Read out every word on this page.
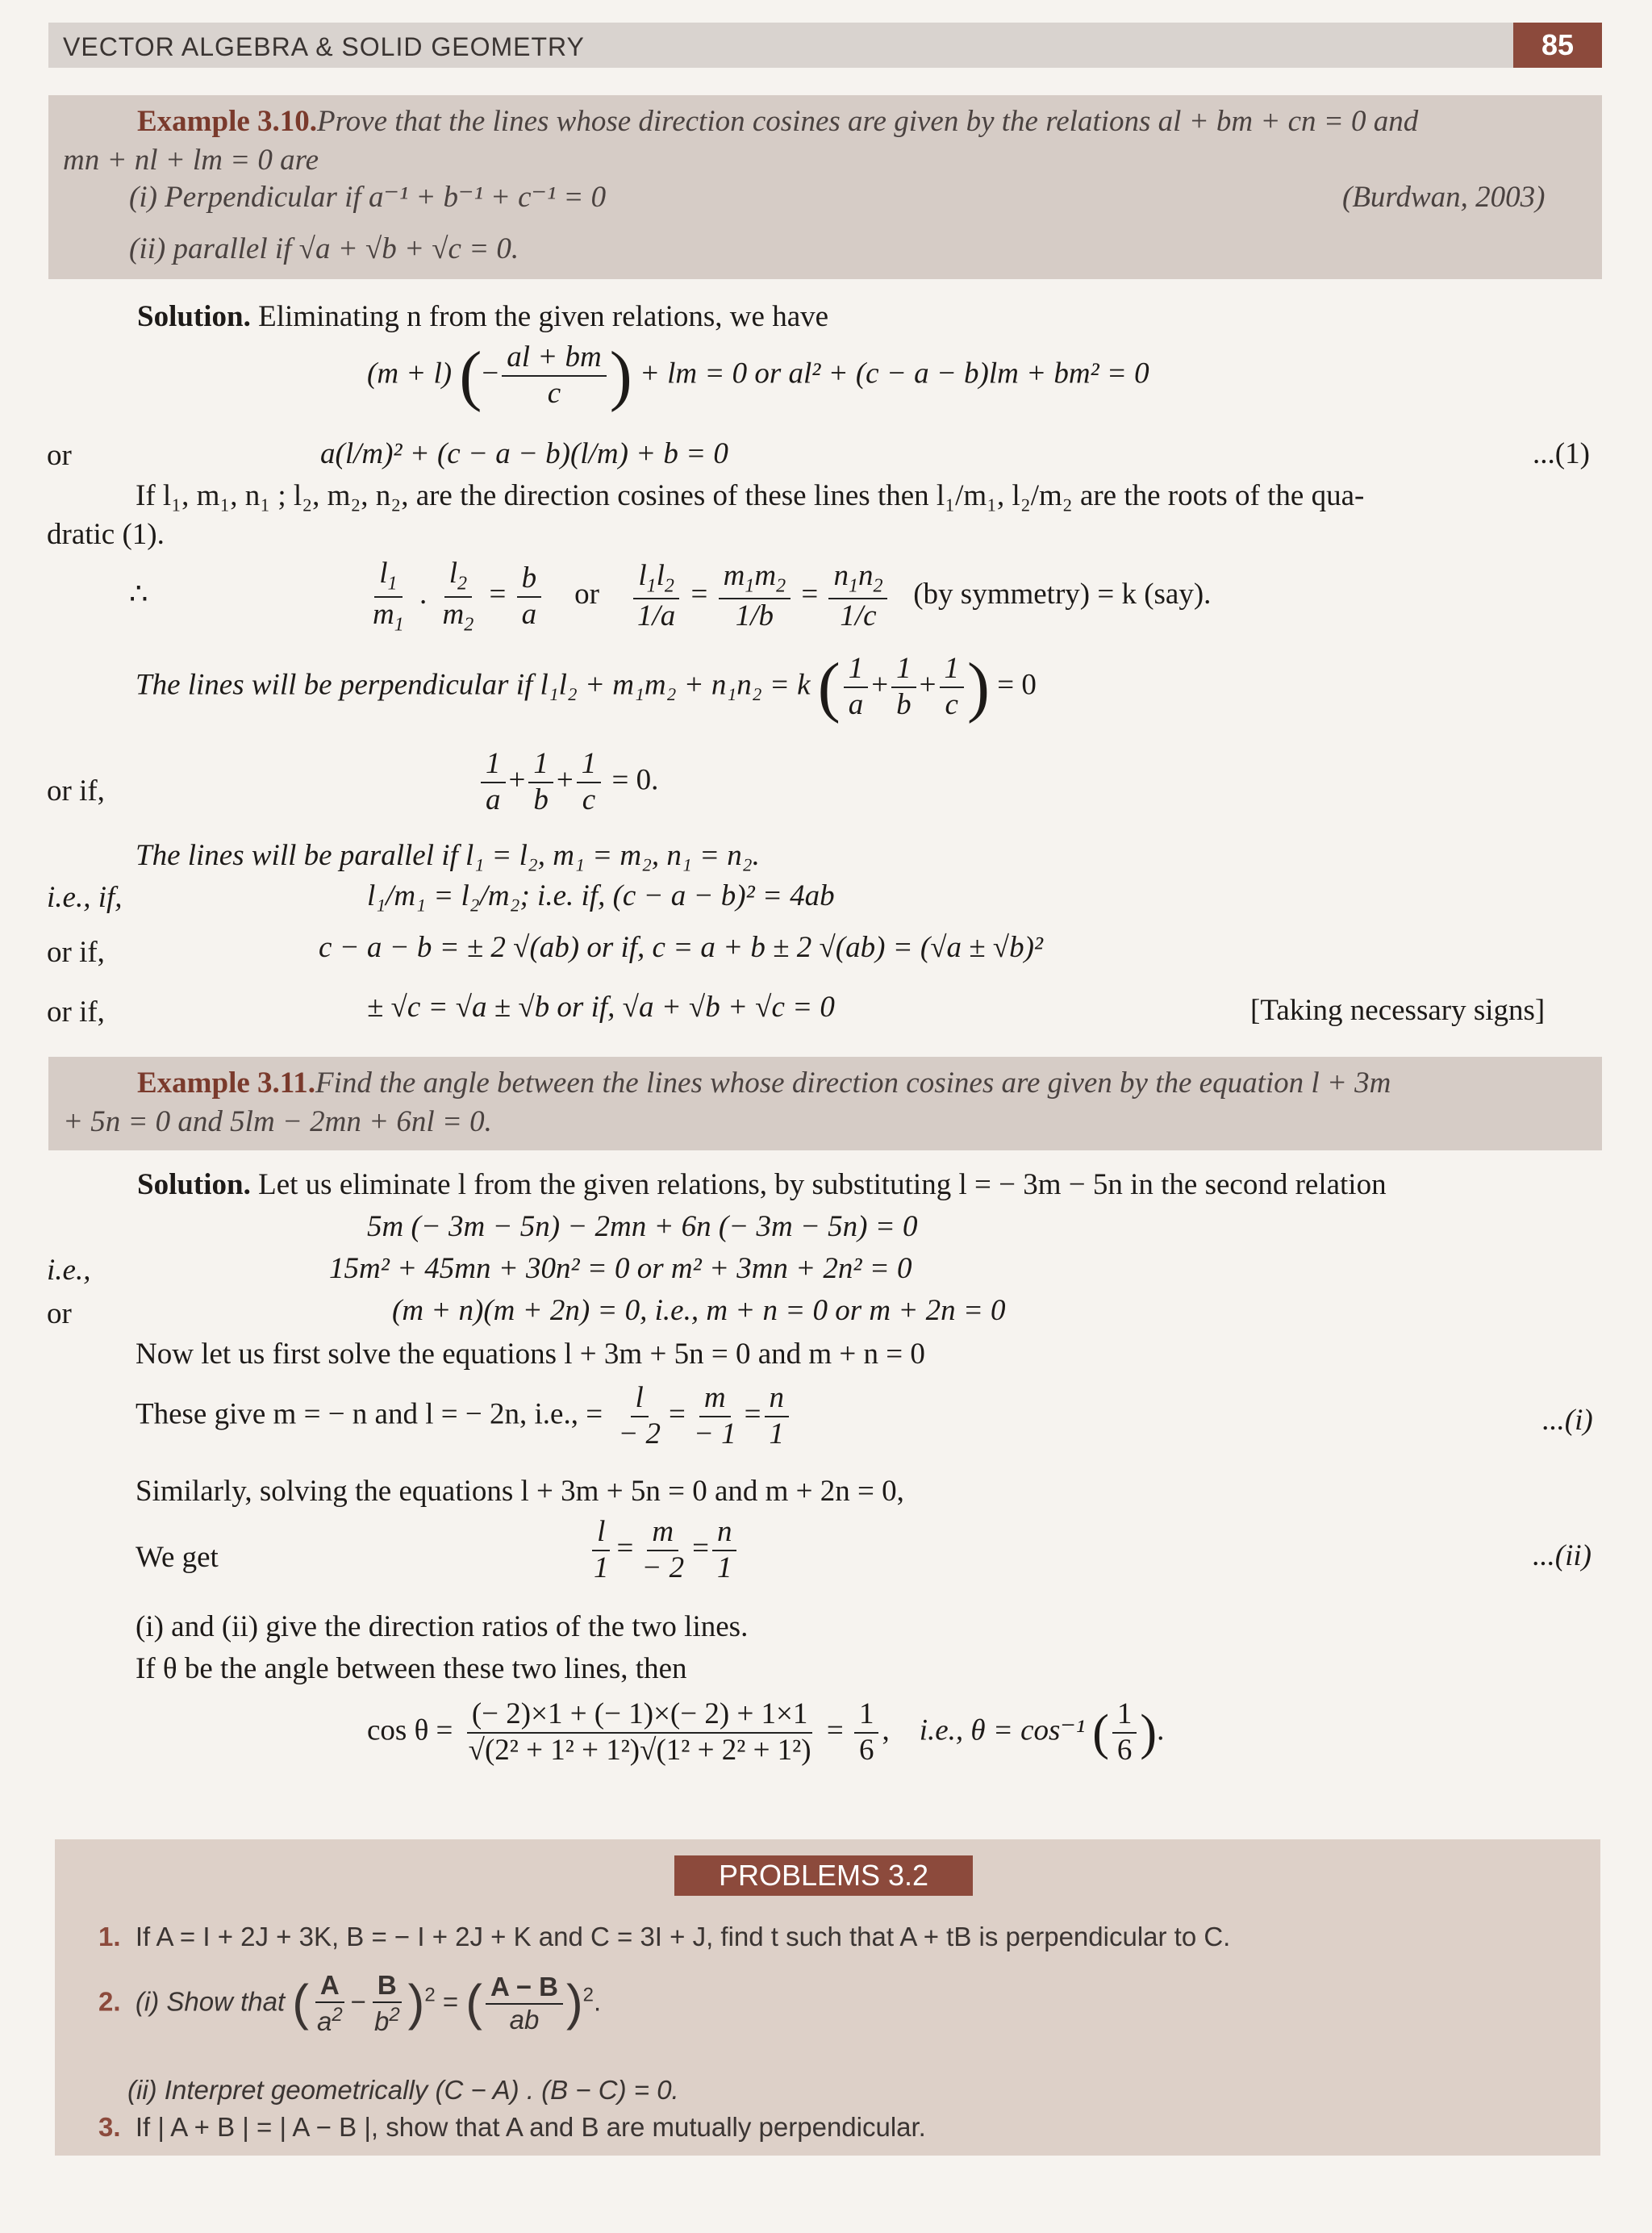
VECTOR ALGEBRA & SOLID GEOMETRY	85
Example 3.10.Prove that the lines whose direction cosines are given by the relations al + bm + cn = 0 and
mn + nl + lm = 0 are
(i) Perpendicular if a⁻¹ + b⁻¹ + c⁻¹ = 0	(Burdwan, 2003)
(ii) parallel if √a + √b + √c = 0.
Solution. Eliminating n from the given relations, we have
(m + l) (− $\frac{al + bm}{c}$ ) + lm = 0 or al² + (c − a − b)lm + bm² = 0
or	a(l/m)² + (c − a − b)(l/m) + b = 0	...(1)
If l₁, m₁, n₁ ; l₂, m₂, n₂, are the direction cosines of these lines then l₁/m₁, l₂/m₂ are the roots of the qua-
dratic (1).
∴	$\frac{l_1}{m_1}$ . $\frac{l_2}{m_2} = \frac{b}{a}$ or $\frac{l_1l_2}{1/a} = \frac{m_1m_2}{1/b} = \frac{n_1n_2}{1/c} (by$ symmetry) = k (say).
The lines will be perpendicular if l₁l₂ + m₁m₂ + n₁n₂ = k ( $\frac{1}{a} + \frac{1}{b} + \frac{1}{c}$ ) = 0
or if,	$\frac{1}{a} + \frac{1}{b} + \frac{1}{c} = 0$.
The lines will be parallel if l₁ = l₂, m₁ = m₂, n₁ = n₂.
i.e., if,	l₁/m₁ = l₂/m₂; i.e. if, (c − a − b)² = 4ab
or if,	c − a − b = ± 2 √(ab) or if, c = a + b ± 2 √(ab) = (√a ± √b)²
or if,	± √c = √a ± √b or if, √a + √b + √c = 0	[Taking necessary signs]
Example 3.11.Find the angle between the lines whose direction cosines are given by the equation l + 3m
+ 5n = 0 and 5lm − 2mn + 6nl = 0.
Solution. Let us eliminate l from the given relations, by substituting l = − 3m − 5n in the second relation
5m (− 3m − 5n) − 2mn + 6n (− 3m − 5n) = 0
i.e.,	15m² + 45mn + 30n² = 0 or m² + 3mn + 2n² = 0
or	(m + n)(m + 2n) = 0, i.e., m + n = 0 or m + 2n = 0
Now let us first solve the equations l + 3m + 5n = 0 and m + n = 0
These give m = − n and l = − 2n, i.e., = $\frac{l}{- 2} = \frac{m}{- 1} = \frac{n}{1}$	...(i)
Similarly, solving the equations l + 3m + 5n = 0 and m + 2n = 0,
We get	$\frac{l}{1} = \frac{m}{- 2} = \frac{n}{1}$	...(ii)
(i) and (ii) give the direction ratios of the two lines.
If θ be the angle between these two lines, then
$\cos \theta = \frac{(- 2)\times 1 + (- 1)\times(- 2) + 1\times 1}{\text{√(2² + 1² + 1²)√(1² + 2² + 1²)}} = \frac{1}{6}$ ,    i.e., θ = cos⁻¹ ( $\frac{1}{6}$ ).
PROBLEMS 3.2
1. If A = I + 2J + 3K, B = − I + 2J + K and C = 3I + J, find t such that A + tB is perpendicular to C.
2. (i) Show that ( $\frac{A}{a^2} - \frac{B}{b^2} )^2$ = ( $\frac{A - B}{ab} )^2$.
(ii) Interpret geometrically (C − A) . (B − C) = 0.
3. If | A + B | = | A − B |, show that A and B are mutually perpendicular.
